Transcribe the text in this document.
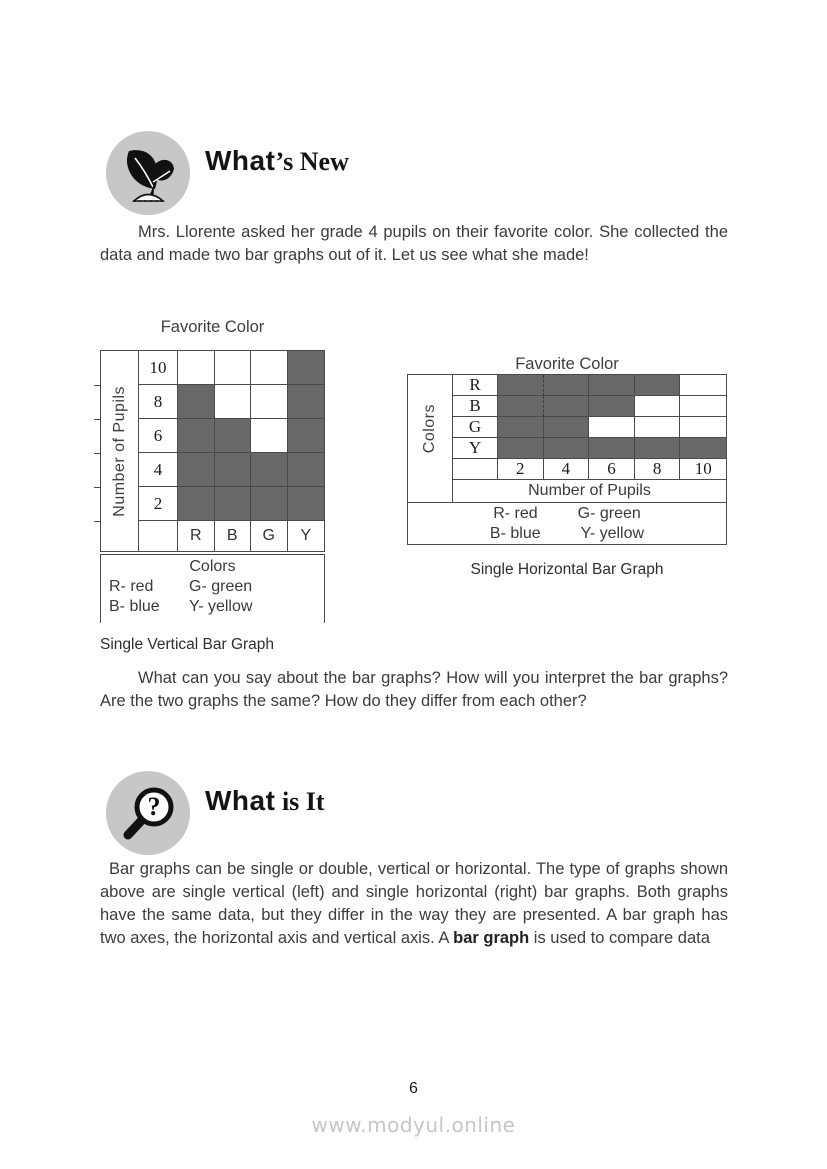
What’s New

Mrs. Llorente asked her grade 4 pupils on their favorite color. She collected the data and made two bar graphs out of it. Let us see what she made!

Favorite Color
Number of Pupils
10
8
6
4
2
R	B	G	Y
Colors
R- red G- green
B- blue Y- yellow
Single Vertical Bar Graph
Favorite Color
Colors
R
B
G
Y
2	4	6	8	10
Number of Pupils
R- red	G- green
B- blue	Y- yellow
Single Horizontal Bar Graph

What can you say about the bar graphs? How will you interpret the bar graphs? Are the two graphs the same? How do they differ from each other?

? What is It

Bar graphs can be single or double, vertical or horizontal. The type of graphs shown above are single vertical (left) and single horizontal (right) bar graphs. Both graphs have the same data, but they differ in the way they are presented. A bar graph has two axes, the horizontal axis and vertical axis. A bar graph is used to compare data

6
www.modyul.online
